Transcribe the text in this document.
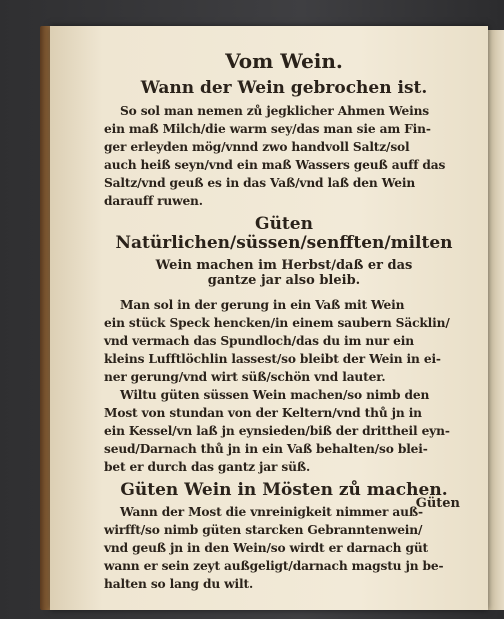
Vom Wein.

Wann der Wein gebrochen ist.

So sol man nemen zů jegklicher Ahmen Weins

ein maß Milch/die warm sey/das man sie am Fin-

ger erleyden mög/vnnd zwo handvoll Saltz/sol

auch heiß seyn/vnd ein maß Wassers geuß auff das

Saltz/vnd geuß es in das Vaß/vnd laß den Wein

darauff ruwen.

Güten Natürlichen/süssen/senfften/milten

Wein machen im Herbst/daß er das
gantze jar also bleib.

Man sol in der gerung in ein Vaß mit Wein

ein stück Speck hencken/in einem saubern Säcklin/

vnd vermach das Spundloch/das du im nur ein

kleins Lufftlöchlin lassest/so bleibt der Wein in ei-

ner gerung/vnd wirt süß/schön vnd lauter.

Wiltu güten süssen Wein machen/so nimb den

Most von stundan von der Keltern/vnd thů jn in

ein Kessel/vn laß jn eynsieden/biß der drittheil eyn-

seud/Darnach thů jn in ein Vaß behalten/so blei-

bet er durch das gantz jar süß.

Güten Wein in Mösten zů machen.

Wann der Most die vnreinigkeit nimmer auß-

wirfft/so nimb güten starcken Gebranntenwein/

vnd geuß jn in den Wein/so wirdt er darnach güt

wann er sein zeyt außgeligt/darnach magstu jn be-

halten so lang du wilt.

Güten
